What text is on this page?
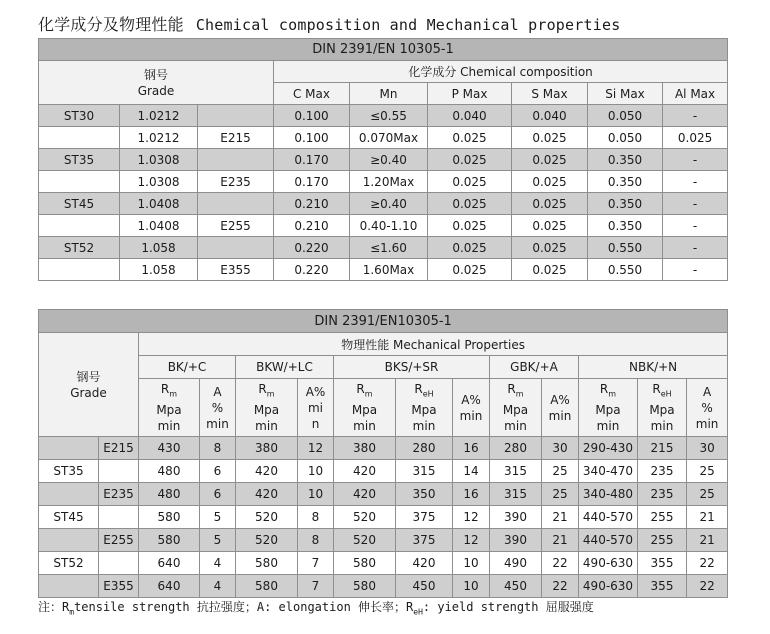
化学成分及物理性能 Chemical composition and Mechanical properties
DIN 2391/EN 10305-1								

钢号
Grade			化学成分 Chemical composition					
			C Max	Mn	P Max	S Max	Si Max	Al Max
ST30	1.0212		0.100	≤0.55	0.040	0.040	0.050	-
	1.0212	E215	0.100	0.070Max	0.025	0.025	0.050	0.025
ST35	1.0308		0.170	≥0.40	0.025	0.025	0.350	-
	1.0308	E235	0.170	1.20Max	0.025	0.025	0.350	-
ST45	1.0408		0.210	≥0.40	0.025	0.025	0.350	-
	1.0408	E255	0.210	0.40-1.10	0.025	0.025	0.350	-
ST52	1.058		0.220	≤1.60	0.025	0.025	0.550	-
	1.058	E355	0.220	1.60Max	0.025	0.025	0.550	-
DIN 2391/EN10305-1													

钢号
Grade		物理性能 Mechanical Properties											
		BK/+C		BKW/+LC		BKS/+SR			GBK/+A		NBK/+N		

		$R_m$
Mpa
min	A
%
min	$R_m$
Mpa
min	A%
mi
n	$R_m$
Mpa
min	$R_{eH}$
Mpa
min	A%
min	$R_m$
Mpa
min	A%
min	$R_m$
Mpa
min	$R_{eH}$
Mpa
min	A
%
min

	E215	430	8	380	12	380	280	16	280	30	290-430	215	30
ST35		480	6	420	10	420	315	14	315	25	340-470	235	25
	E235	480	6	420	10	420	350	16	315	25	340-480	235	25
ST45		580	5	520	8	520	375	12	390	21	440-570	255	21
	E255	580	5	520	8	520	375	12	390	21	440-570	255	21
ST52		640	4	580	7	580	420	10	490	22	490-630	355	22
	E355	640	4	580	7	580	450	10	450	22	490-630	355	22
注：$R_mtensile$ strength 抗拉强度；A: elongation 伸长率；$R_{eH}$: yield strength 屈服强度
